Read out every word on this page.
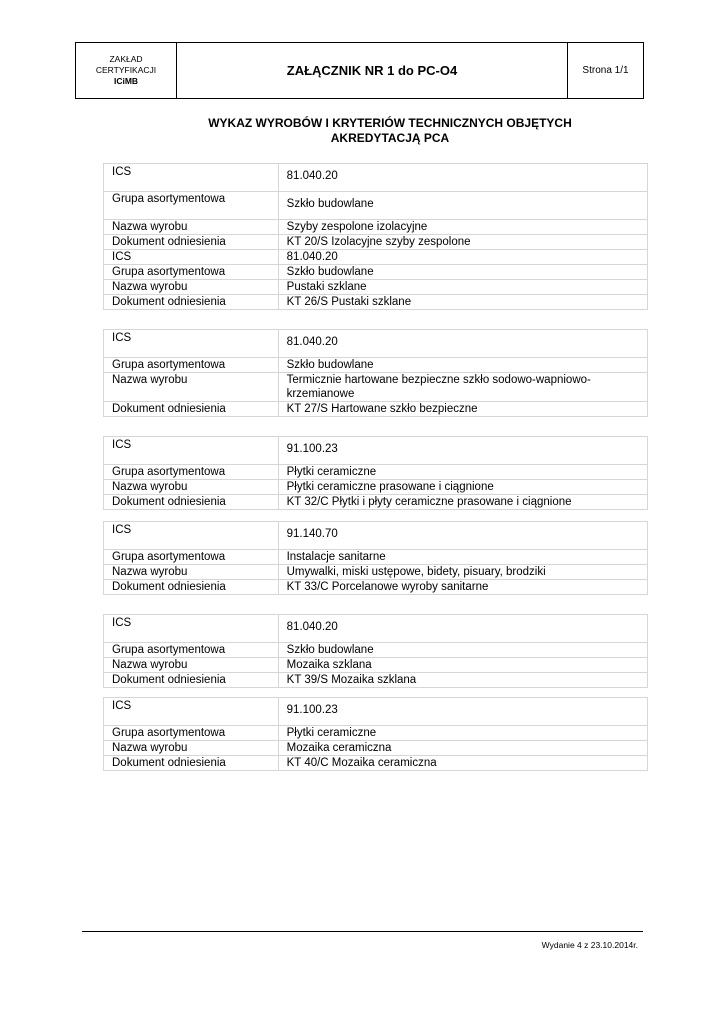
ZAKŁAD
CERTYFIKACJI
ICiMB
ZAŁĄCZNIK NR 1 do PC-O4	Strona 1/1
WYKAZ WYROBÓW I KRYTERIÓW TECHNICZNYCH OBJĘTYCH
AKREDYTACJĄ PCA
ICS	81.040.20
Grupa asortymentowa	Szkło budowlane
Nazwa wyrobu	Szyby zespolone izolacyjne
Dokument odniesienia	KT 20/S Izolacyjne szyby zespolone
ICS	81.040.20
Grupa asortymentowa	Szkło budowlane
Nazwa wyrobu	Pustaki szklane
Dokument odniesienia	KT 26/S Pustaki szklane
ICS	81.040.20
Grupa asortymentowa	Szkło budowlane
Nazwa wyrobu	Termicznie hartowane bezpieczne szkło sodowo-wapniowo-krzemianowe
Dokument odniesienia	KT 27/S Hartowane szkło bezpieczne
ICS	91.100.23
Grupa asortymentowa	Płytki ceramiczne
Nazwa wyrobu	Płytki ceramiczne prasowane i ciągnione
Dokument odniesienia	KT 32/C Płytki i płyty ceramiczne prasowane i ciągnione
ICS	91.140.70
Grupa asortymentowa	Instalacje sanitarne
Nazwa wyrobu	Umywalki, miski ustępowe, bidety, pisuary, brodziki
Dokument odniesienia	KT 33/C Porcelanowe wyroby sanitarne
ICS	81.040.20
Grupa asortymentowa	Szkło budowlane
Nazwa wyrobu	Mozaika szklana
Dokument odniesienia	KT 39/S Mozaika szklana
ICS	91.100.23
Grupa asortymentowa	Płytki ceramiczne
Nazwa wyrobu	Mozaika ceramiczna
Dokument odniesienia	KT 40/C Mozaika ceramiczna
Wydanie 4 z 23.10.2014r.
